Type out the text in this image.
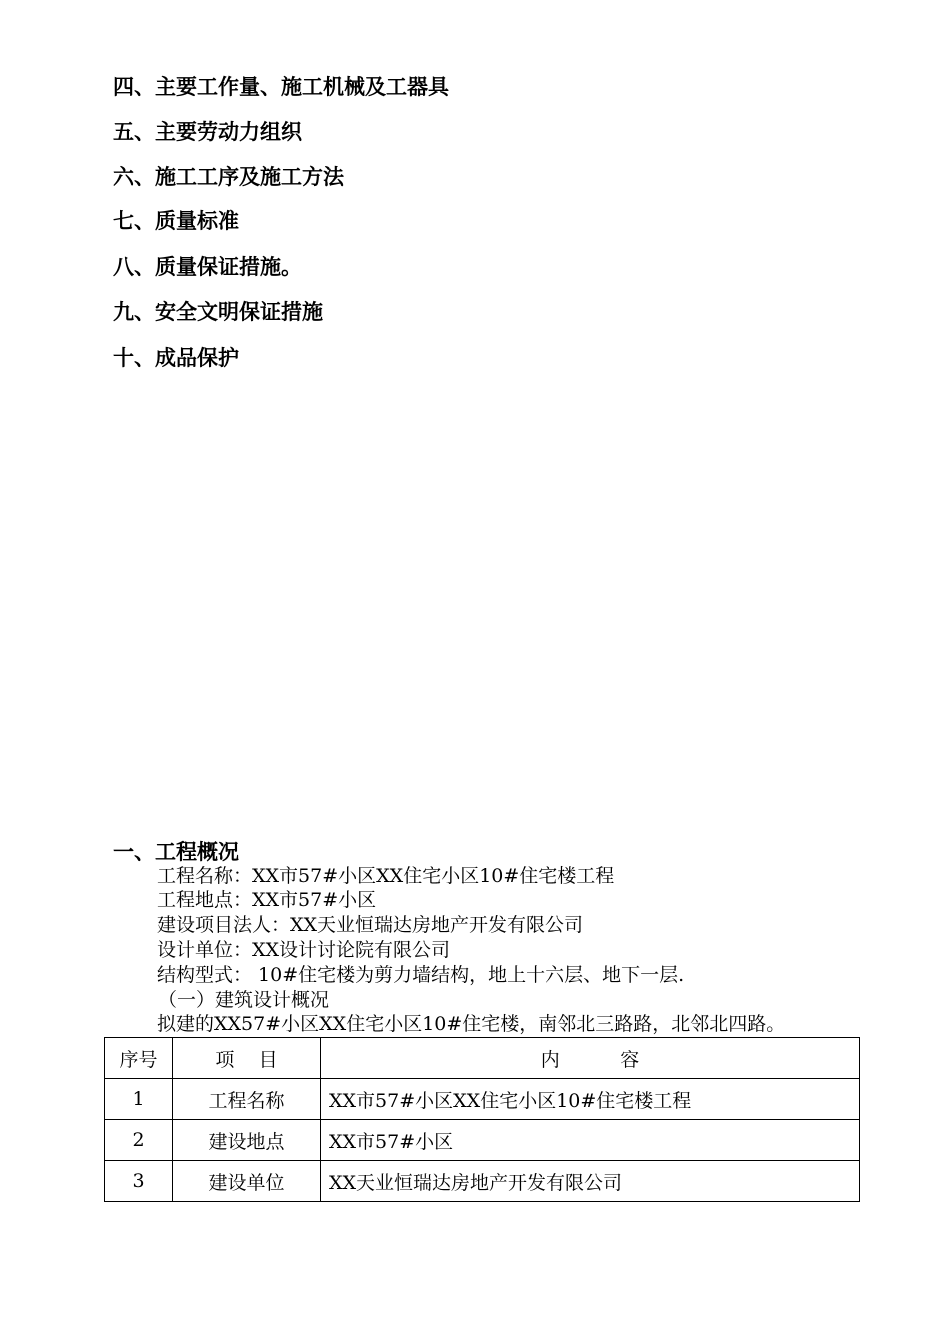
四、主要工作量、施工机械及工器具
五、主要劳动力组织
六、施工工序及施工方法
七、质量标准
八、质量保证措施。
九、安全文明保证措施
十、成品保护
一、工程概况
工程名称：XX市57#小区XX住宅小区10#住宅楼工程
工程地点：XX市57#小区
建设项目法人：XX天业恒瑞达房地产开发有限公司
设计单位：XX设计讨论院有限公司
结构型式： 10#住宅楼为剪力墙结构，地上十六层、地下一层.
（一）建筑设计概况
拟建的XX57#小区XX住宅小区10#住宅楼，南邻北三路路，北邻北四路。
序号	项    目	内          容
1	工程名称	XX市57#小区XX住宅小区10#住宅楼工程
2	建设地点	XX市57#小区
3	建设单位	XX天业恒瑞达房地产开发有限公司
